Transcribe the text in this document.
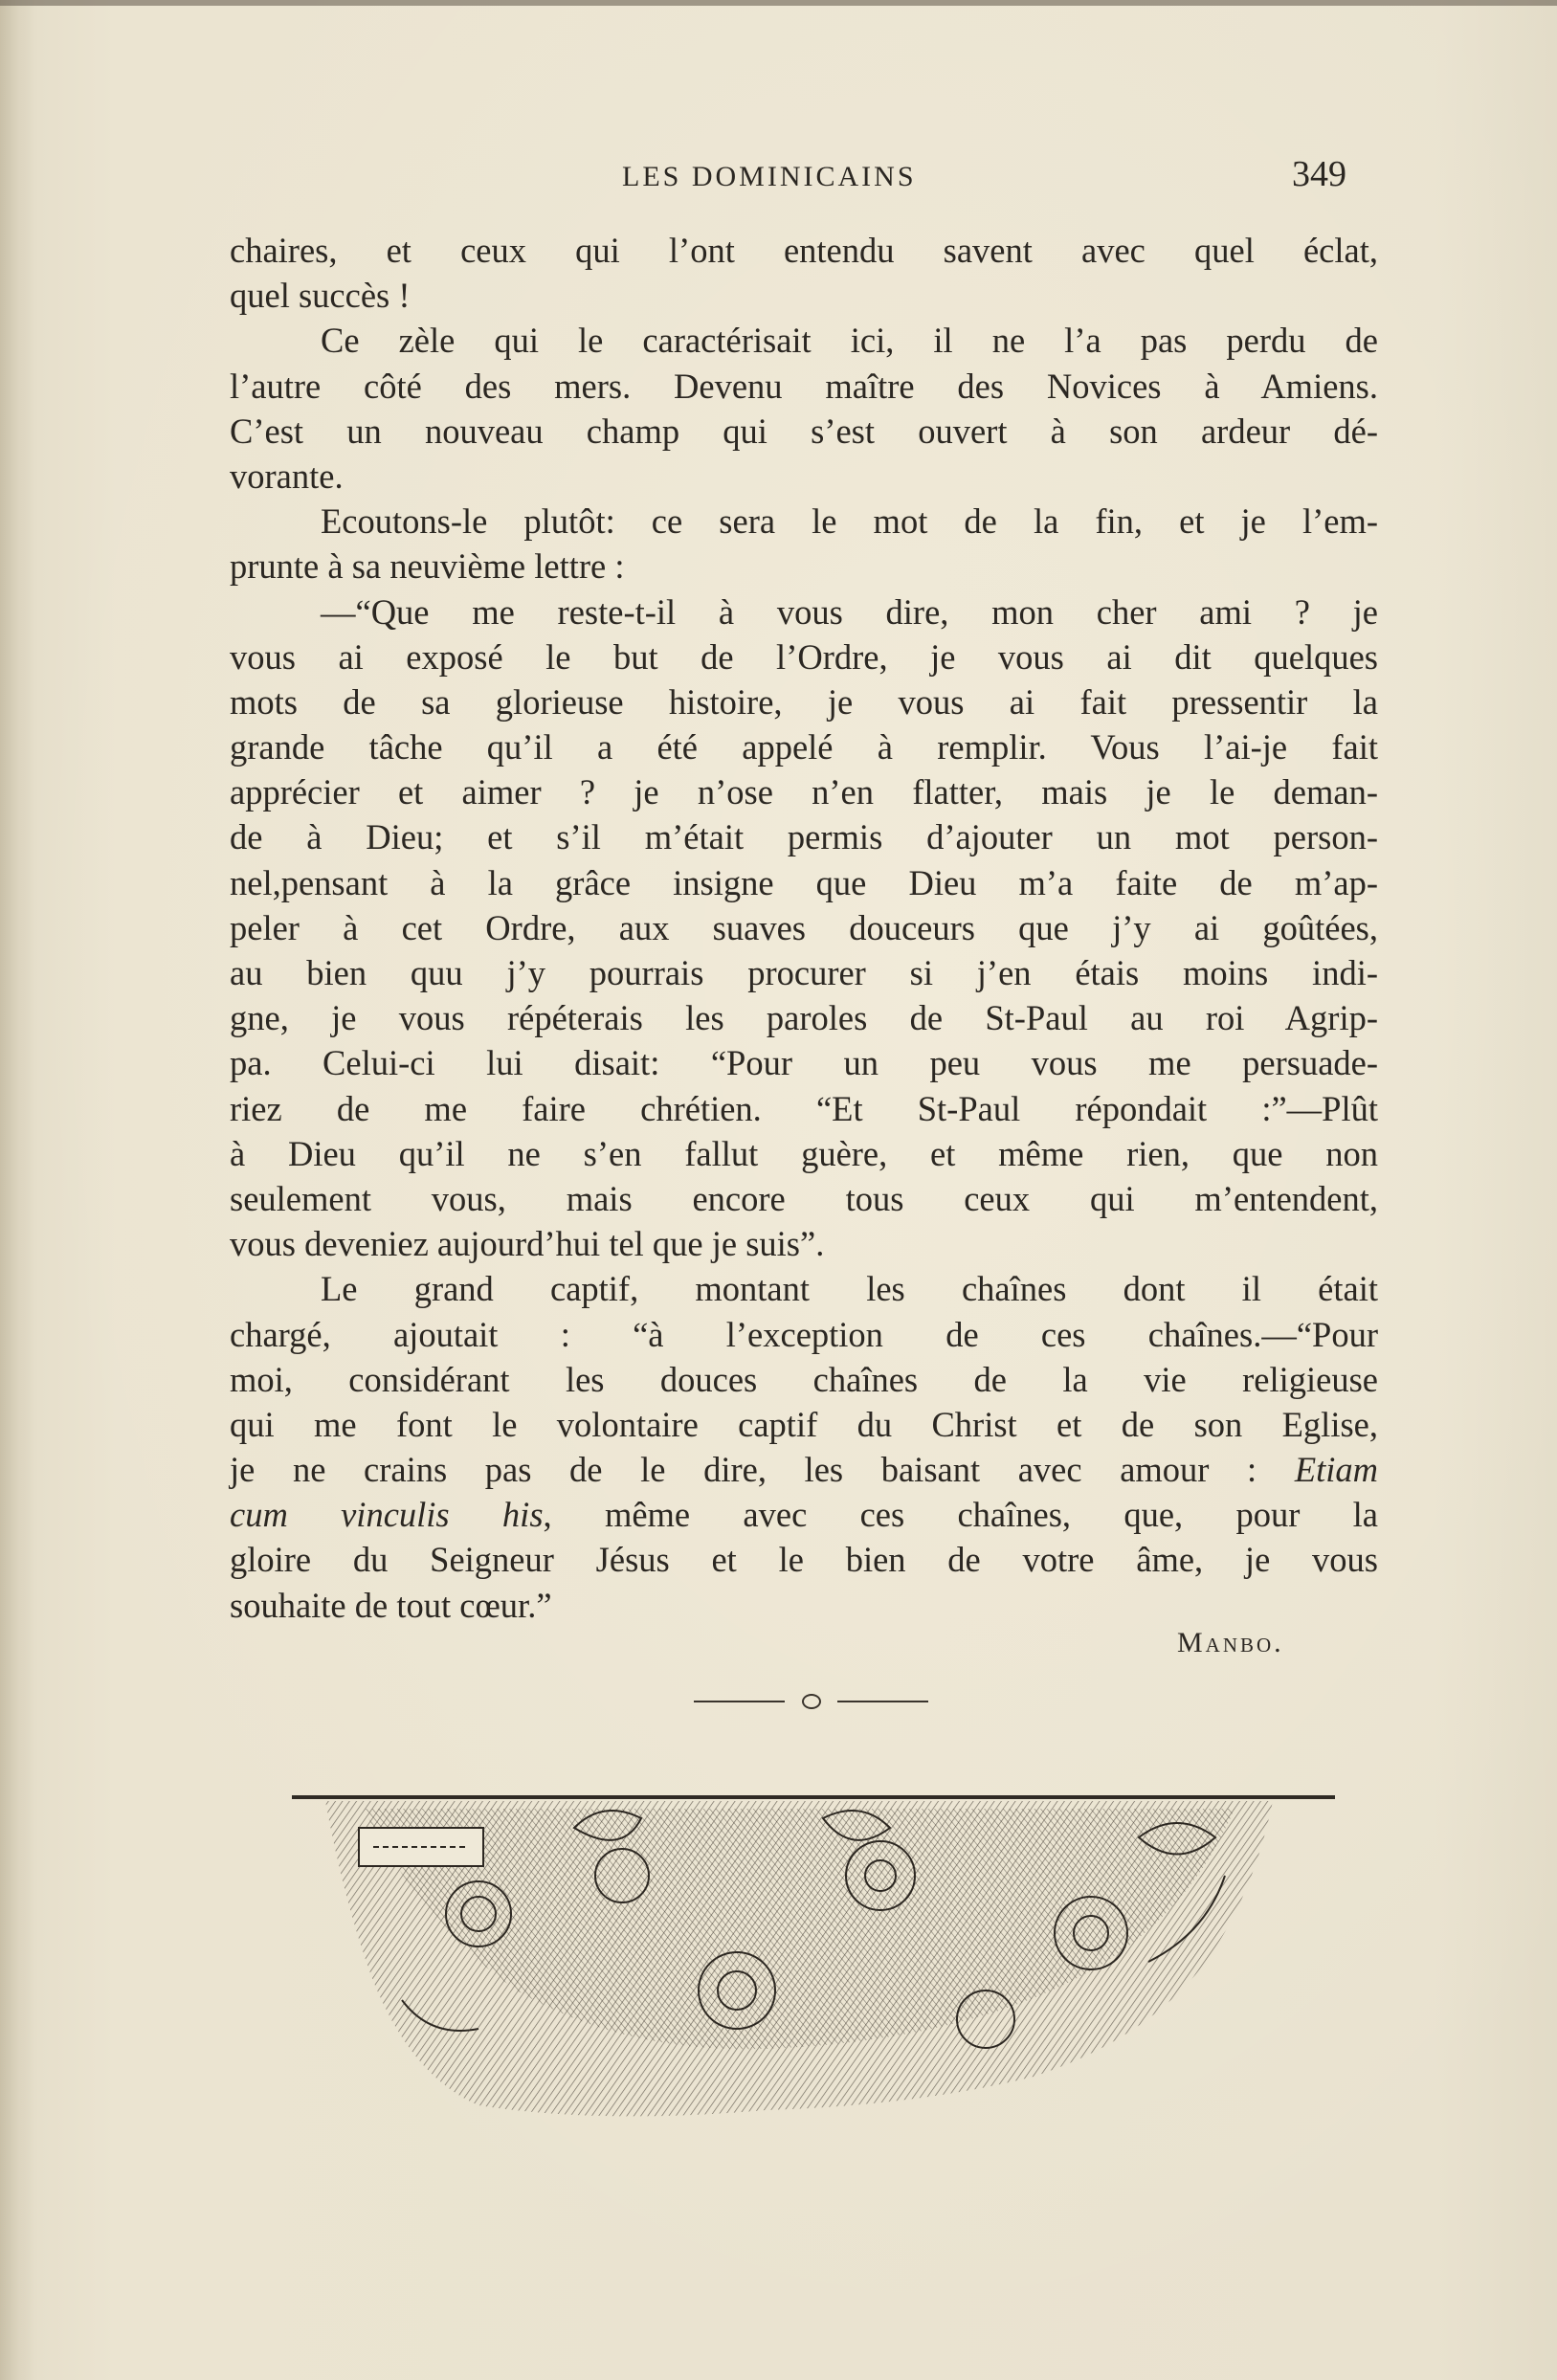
LES DOMINICAINS	349
chaires, et ceux qui l’ont entendu savent avec quel éclat,
quel succès !
Ce zèle qui le caractérisait ici, il ne l’a pas perdu de
l’autre côté des mers. Devenu maître des Novices à Amiens.
C’est un nouveau champ qui s’est ouvert à son ardeur dé-
vorante.
Ecoutons-le plutôt: ce sera le mot de la fin, et je l’em-
prunte à sa neuvième lettre :
—“Que me reste-t-il à vous dire, mon cher ami ? je
vous ai exposé le but de l’Ordre, je vous ai dit quelques
mots de sa glorieuse histoire, je vous ai fait pressentir la
grande tâche qu’il a été appelé à remplir. Vous l’ai-je fait
apprécier et aimer ? je n’ose n’en flatter, mais je le deman-
de à Dieu; et s’il m’était permis d’ajouter un mot person-
nel,pensant à la grâce insigne que Dieu m’a faite de m’ap-
peler à cet Ordre, aux suaves douceurs que j’y ai goûtées,
au bien quu j’y pourrais procurer si j’en étais moins indi-
gne, je vous répéterais les paroles de St-Paul au roi Agrip-
pa. Celui-ci lui disait: “Pour un peu vous me persuade-
riez de me faire chrétien. “Et St-Paul répondait :”—Plût
à Dieu qu’il ne s’en fallut guère, et même rien, que non
seulement vous, mais encore tous ceux qui m’entendent,
vous deveniez aujourd’hui tel que je suis”.
Le grand captif, montant les chaînes dont il était
chargé, ajoutait : “à l’exception de ces chaînes.—“Pour
moi, considérant les douces chaînes de la vie religieuse
qui me font le volontaire captif du Christ et de son Eglise,
je ne crains pas de le dire, les baisant avec amour : Etiam
cum vinculis his, même avec ces chaînes, que, pour la
gloire du Seigneur Jésus et le bien de votre âme, je vous
souhaite de tout cœur.”
Manbo.
